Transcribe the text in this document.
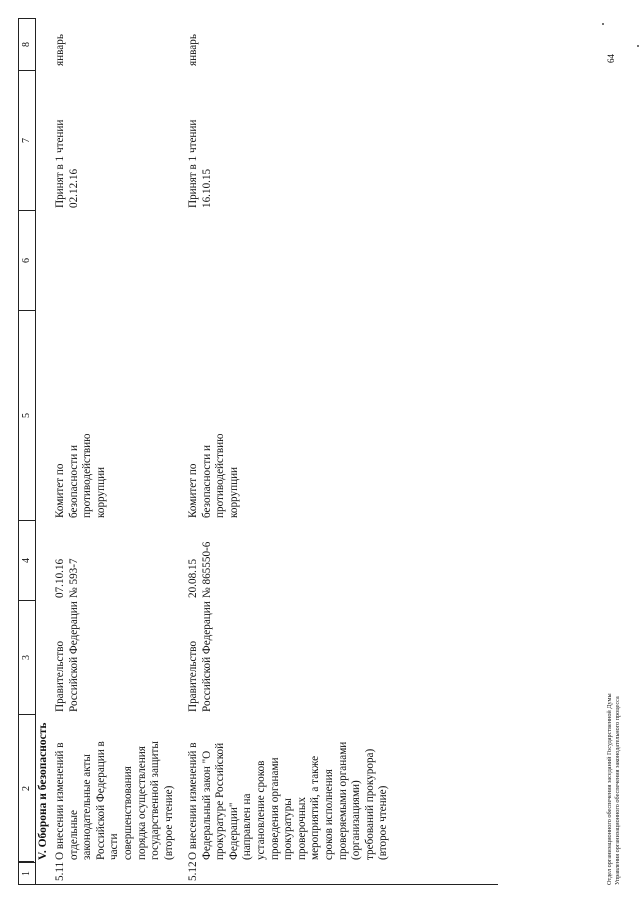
1
2
3
4
5
6
7
8
V. Оборона и безопасность
5.11
О внесении изменений в
отдельные
законодательные акты
Российской Федерации в
части
совершенствования
порядка осуществления
государственной защиты
(второе чтение)
Правительство
Российской Федерации
07.10.16
№ 593-7
Комитет по
безопасности и
противодействию
коррупции
Принят в 1 чтении
02.12.16
январь
5.12
О внесении изменений в
Федеральный закон "О
прокуратуре Российской
Федерации"
(направлен на
установление сроков
проведения органами
прокуратуры
проверочных
мероприятий, а также
сроков исполнения
проверяемыми органами
(организациями)
требований прокурора)
(второе чтение)
Правительство
Российской Федерации
20.08.15
№ 865550-6
Комитет по
безопасности и
противодействию
коррупции
Принят в 1 чтении
16.10.15
январь
Отдел организационного обеспечения заседаний Государственной Думы Управления организационного обеспечения законодательного процесса
64
